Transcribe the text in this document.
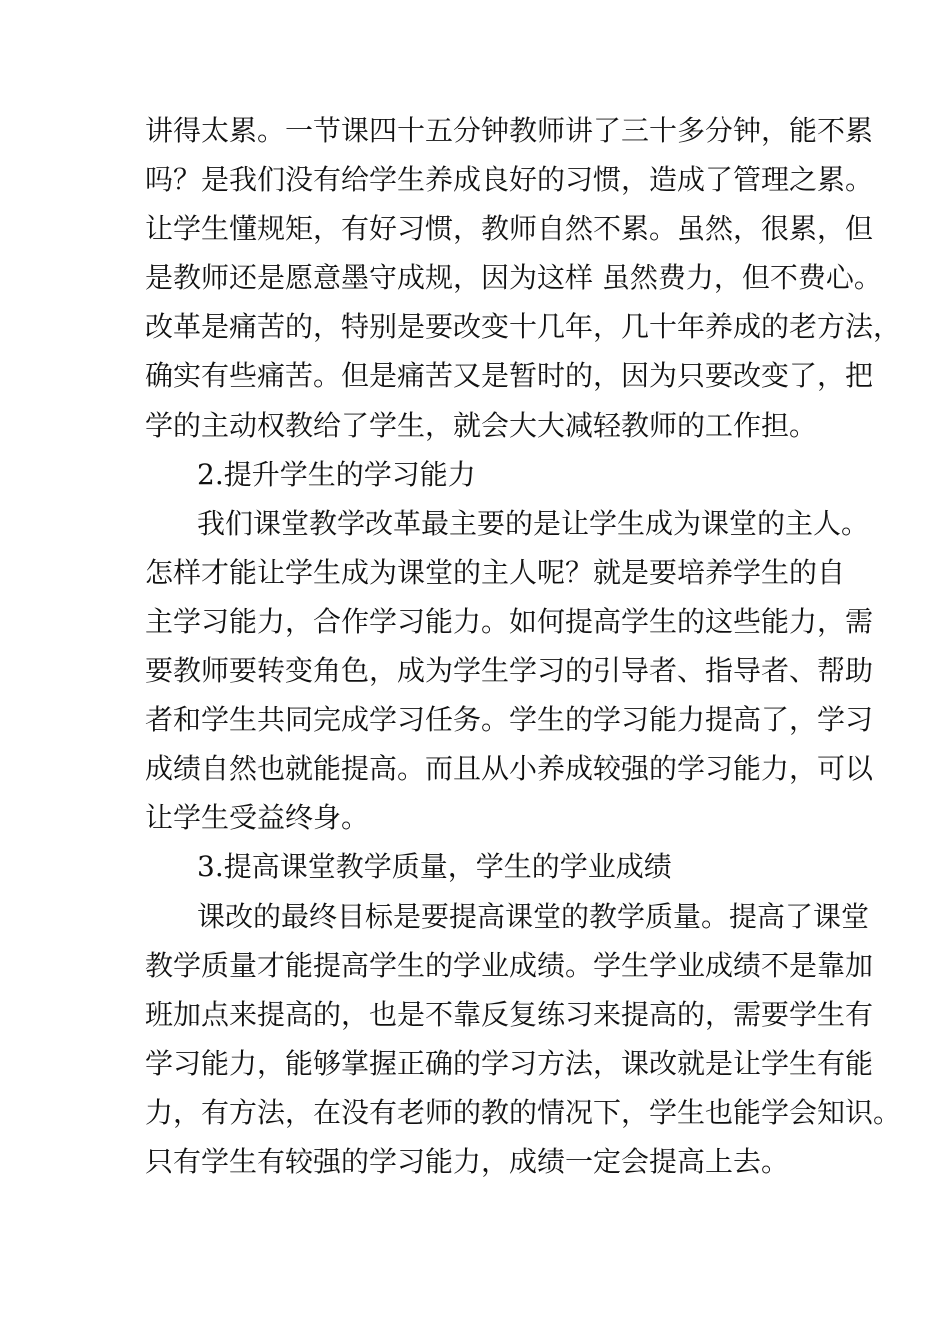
讲得太累。一节课四十五分钟教师讲了三十多分钟，能不累
吗？是我们没有给学生养成良好的习惯，造成了管理之累。
让学生懂规矩，有好习惯，教师自然不累。虽然，很累，但
是教师还是愿意墨守成规，因为这样 虽然费力，但不费心。
改革是痛苦的，特别是要改变十几年，几十年养成的老方法，
确实有些痛苦。但是痛苦又是暂时的，因为只要改变了，把
学的主动权教给了学生，就会大大减轻教师的工作担。
2.提升学生的学习能力
我们课堂教学改革最主要的是让学生成为课堂的主人。
怎样才能让学生成为课堂的主人呢？就是要培养学生的自
主学习能力，合作学习能力。如何提高学生的这些能力，需
要教师要转变角色，成为学生学习的引导者、指导者、帮助
者和学生共同完成学习任务。学生的学习能力提高了，学习
成绩自然也就能提高。而且从小养成较强的学习能力，可以
让学生受益终身。
3.提高课堂教学质量，学生的学业成绩
课改的最终目标是要提高课堂的教学质量。提高了课堂
教学质量才能提高学生的学业成绩。学生学业成绩不是靠加
班加点来提高的，也是不靠反复练习来提高的，需要学生有
学习能力，能够掌握正确的学习方法，课改就是让学生有能
力，有方法，在没有老师的教的情况下，学生也能学会知识。
只有学生有较强的学习能力，成绩一定会提高上去。
